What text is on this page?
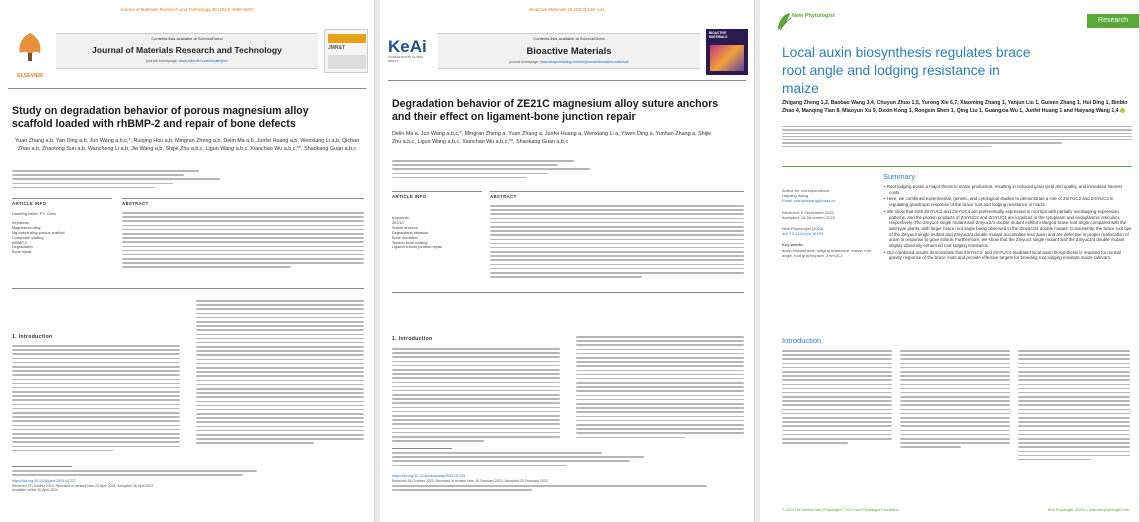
Journal of Materials Research and Technology 30 (2024) 4990–5007
ELSEVIER
Contents lists available at ScienceDirect
Journal of Materials Research and Technology
journal homepage: www.elsevier.com/locate/jmrt
JMR&T
Study on degradation behavior of porous magnesium alloy scaffold loaded with rhBMP-2 and repair of bone defects
Yuan Zhang a,b, Yan Ding a,b, Jun Wang a,b,c,*, Ruiqing Hou a,b, Mingran Zheng a,b, Delin Ma a,b, Junfei Huang a,b, Wenxiang Li a,b, Qichao Zhao a,b, Zhaotong Sun a,b, Wancheng Li a,b, Jie Wang a,b, Shijie Zhu a,b,c, Liguo Wang a,b,c, Xiaochao Wu a,b,c,**, Shaokang Guan a,b,c
ARTICLE INFO	ABSTRACT
Handling editor: P.Y. Chen
Keywords:
Magnesium alloy
Mg-based alloy porous scaffold
Composite coating
rhBMP-2
Degradation
Bone repair
1. Introduction
https://doi.org/10.1016/j.jmrt.2024.04.227
Received 27 October 2023; Received in revised form 22 April 2024; Accepted 26 April 2024
Available online 30 April 2024
Bioactive Materials 26 (2023) 128–141
KeAi
CHINESE ROOTS GLOBAL IMPACT
Contents lists available at ScienceDirect
Bioactive Materials
journal homepage: www.keaipublishing.com/en/journals/bioactive-materials
BIOACTIVE MATERIALS
Degradation behavior of ZE21C magnesium alloy suture anchors and their effect on ligament-bone junction repair
Delin Ma a, Jun Wang a,b,c,*, Mingran Zheng a, Yuan Zhang a, Junfei Huang a, Wenxiang Li a, Yiwen Ding a, Yunhao Zhang a, Shijie Zhu a,b,c, Liguo Wang a,b,c, Xiaochao Wu a,b,c,**, Shaokang Guan a,b,c
ARTICLE INFO	ABSTRACT
Keywords:
ZE21C
Suture anchors
Degradation behavior
Bone formation
Tendon-bone healing
Ligament-bone junction repair
1. Introduction
https://doi.org/10.1016/j.bioactmat.2023.02.025
Received 18 October 2022; Received in revised form 16 February 2023; Accepted 20 February 2023
New Phytologist
Research
Local auxin biosynthesis regulates brace root angle and lodging resistance in maize
Zhigang Zheng 1,2, Baobao Wang 3,4, Chuyun Zhuo 1,5, Yurong Xie 6,7, Xiaoming Zhang 1, Yanjun Liu 1, Guisen Zhang 1, Hui Ding 1, Binbin Zhao 4, Manqing Tian 8, Miaoyun Xu 9, Dexin Kong 1, Rongxin Shen 1, Qing Liu 1, Guangxia Wu 1, Junfei Huang 1 and Haiyang Wang 1,4
Author for correspondence:
Haiyang Wang
Email: wanghaiyang@caas.cn
Received: 6 September 2022
Accepted: 18 December 2022
New Phytologist (2023)
doi: 10.1111/nph.18703
Key words:
auxin biosynthesis, lodging resistance, maize, root angle, root gravitropism, ZmYUC2
Summary
• Root lodging poses a major threat to maize production, resulting in reduced grain yield and quality, and increased harvest costs.
• Here, we combined experimental, genetic, and cytological studies to demonstrate a role of ZmYUC2 and ZmYUC4 in regulating gravitropic response of the brace root and lodging resistance in maize.
• We show that both ZmYUC2 and ZmYUC4 are preferentially expressed in root tips with partially overlapping expression patterns, and the protein products of ZmYUC2 and ZmYUC4 are localized in the cytoplasm and endoplasmic reticulum, respectively. The Zmyuc4 single mutant and Zmyuc2/4 double mutant exhibit enlarged brace root angle compared with the wild-type plants, with larger brace root angle being observed in the Zmyuc2/4 double mutant. Consistently, the brace root tips of the Zmyuc4 single mutant and Zmyuc2/4 double mutant accumulate less auxin and are defective in proper reallocation of auxin in response to gravi stimuli. Furthermore, we show that the Zmyuc4 single mutant and the Zmyuc2/4 double mutant display obviously enhanced root lodging resistance.
• Our combined results demonstrate that ZmYUC2- and ZmYUC4-mediated local auxin biosynthesis is required for normal gravity response of the brace roots and provide effective targets for breeding root lodging resistant maize cultivars.
Introduction
© 2023 The Authors New Phytologist © 2023 New Phytologist Foundation	New Phytologist (2023) 1 www.newphytologist.com
